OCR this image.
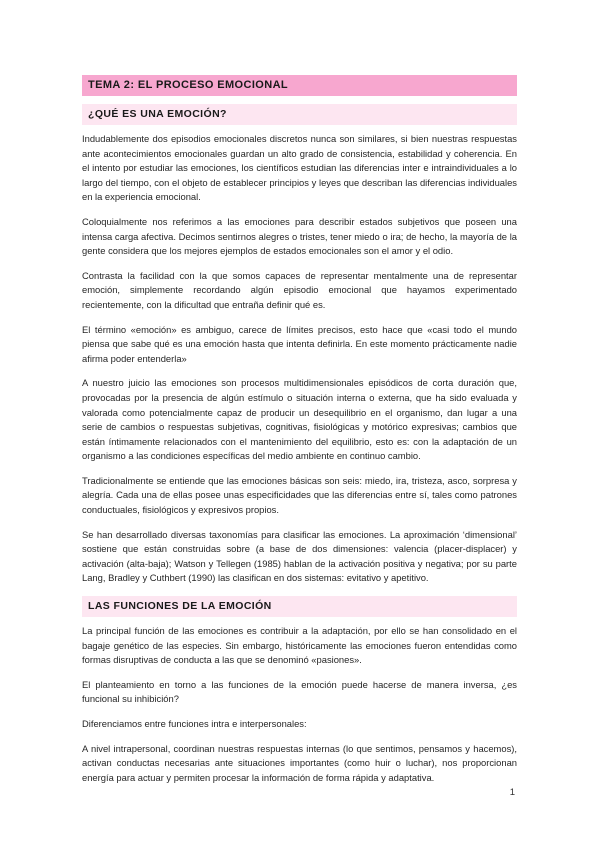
TEMA 2: EL PROCESO EMOCIONAL
¿QUÉ ES UNA EMOCIÓN?

Indudablemente dos episodios emocionales discretos nunca son similares, si bien nuestras respuestas ante acontecimientos emocionales guardan un alto grado de consistencia, estabilidad y coherencia. En el intento por estudiar las emociones, los científicos estudian las diferencias inter e intraindividuales a lo largo del tiempo, con el objeto de establecer principios y leyes que describan las diferencias individuales en la experiencia emocional.

Coloquialmente nos referimos a las emociones para describir estados subjetivos que poseen una intensa carga afectiva. Decimos sentirnos alegres o tristes, tener miedo o ira; de hecho, la mayoría de la gente considera que los mejores ejemplos de estados emocionales son el amor y el odio.

Contrasta la facilidad con la que somos capaces de representar mentalmente una de representar emoción, simplemente recordando algún episodio emocional que hayamos experimentado recientemente, con la dificultad que entraña definir qué es.

El término «emoción» es ambiguo, carece de límites precisos, esto hace que «casi todo el mundo piensa que sabe qué es una emoción hasta que intenta definirla. En este momento prácticamente nadie afirma poder entenderla»

A nuestro juicio las emociones son procesos multidimensionales episódicos de corta duración que, provocadas por la presencia de algún estímulo o situación interna o externa, que ha sido evaluada y valorada como potencialmente capaz de producir un desequilibrio en el organismo, dan lugar a una serie de cambios o respuestas subjetivas, cognitivas, fisiológicas y motórico expresivas; cambios que están íntimamente relacionados con el mantenimiento del equilibrio, esto es: con la adaptación de un organismo a las condiciones específicas del medio ambiente en continuo cambio.

Tradicionalmente se entiende que las emociones básicas son seis: miedo, ira, tristeza, asco, sorpresa y alegría. Cada una de ellas posee unas especificidades que las diferencias entre sí, tales como patrones conductuales, fisiológicos y expresivos propios.

Se han desarrollado diversas taxonomías para clasificar las emociones. La aproximación ‘dimensional’ sostiene que están construidas sobre (a base de dos dimensiones: valencia (placer-displacer) y activación (alta-baja); Watson y Tellegen (1985) hablan de la activación positiva y negativa; por su parte Lang, Bradley y Cuthbert (1990) las clasifican en dos sistemas: evitativo y apetitivo.

LAS FUNCIONES DE LA EMOCIÓN

La principal función de las emociones es contribuir a la adaptación, por ello se han consolidado en el bagaje genético de las especies. Sin embargo, históricamente las emociones fueron entendidas como formas disruptivas de conducta a las que se denominó «pasiones».

El planteamiento en torno a las funciones de la emoción puede hacerse de manera inversa, ¿es funcional su inhibición?

Diferenciamos entre funciones intra e interpersonales:

A nivel intrapersonal, coordinan nuestras respuestas internas (lo que sentimos, pensamos y hacemos), activan conductas necesarias ante situaciones importantes (como huir o luchar), nos proporcionan energía para actuar y permiten procesar la información de forma rápida y adaptativa.

1
